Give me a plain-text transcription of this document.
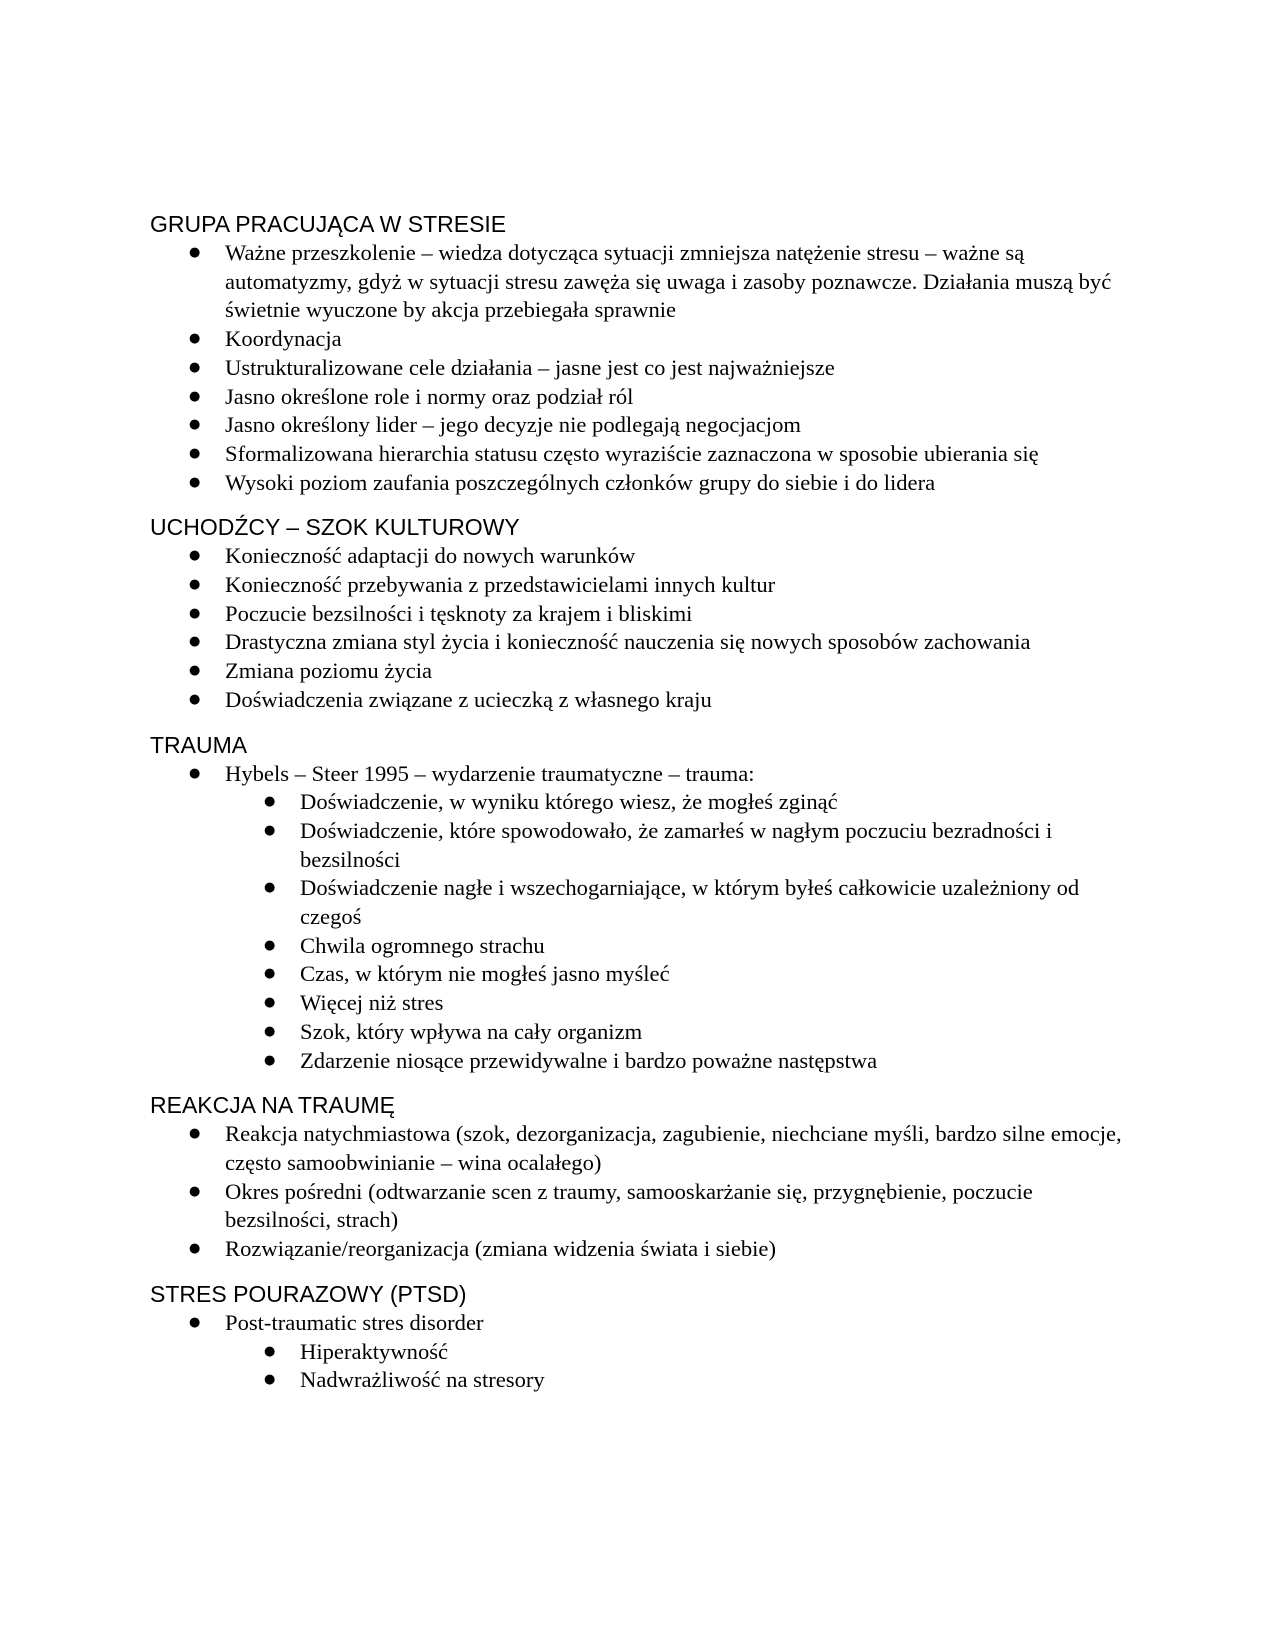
GRUPA PRACUJĄCA W STRESIE
● Ważne przeszkolenie – wiedza dotycząca sytuacji zmniejsza natężenie stresu – ważne są automatyzmy, gdyż w sytuacji stresu zawęża się uwaga i zasoby poznawcze. Działania muszą być świetnie wyuczone by akcja przebiegała sprawnie
● Koordynacja
● Ustrukturalizowane cele działania – jasne jest co jest najważniejsze
● Jasno określone role i normy oraz podział ról
● Jasno określony lider – jego decyzje nie podlegają negocjacjom
● Sformalizowana hierarchia statusu często wyraziście zaznaczona w sposobie ubierania się
● Wysoki poziom zaufania poszczególnych członków grupy do siebie i do lidera
UCHODŹCY – SZOK KULTUROWY
● Konieczność adaptacji do nowych warunków
● Konieczność przebywania z przedstawicielami innych kultur
● Poczucie bezsilności i tęsknoty za krajem i bliskimi
● Drastyczna zmiana styl życia i konieczność nauczenia się nowych sposobów zachowania
● Zmiana poziomu życia
● Doświadczenia związane z ucieczką z własnego kraju
TRAUMA
● Hybels – Steer 1995 – wydarzenie traumatyczne – trauma:
● Doświadczenie, w wyniku którego wiesz, że mogłeś zginąć
● Doświadczenie, które spowodowało, że zamarłeś w nagłym poczuciu bezradności i bezsilności
● Doświadczenie nagłe i wszechogarniające, w którym byłeś całkowicie uzależniony od czegoś
● Chwila ogromnego strachu
● Czas, w którym nie mogłeś jasno myśleć
● Więcej niż stres
● Szok, który wpływa na cały organizm
● Zdarzenie niosące przewidywalne i bardzo poważne następstwa
REAKCJA NA TRAUMĘ
● Reakcja natychmiastowa (szok, dezorganizacja, zagubienie, niechciane myśli, bardzo silne emocje, często samoobwinianie – wina ocalałego)
● Okres pośredni (odtwarzanie scen z traumy, samooskarżanie się, przygnębienie, poczucie bezsilności, strach)
● Rozwiązanie/reorganizacja (zmiana widzenia świata i siebie)
STRES POURAZOWY (PTSD)
● Post-traumatic stres disorder
● Hiperaktywność
● Nadwrażliwość na stresory
